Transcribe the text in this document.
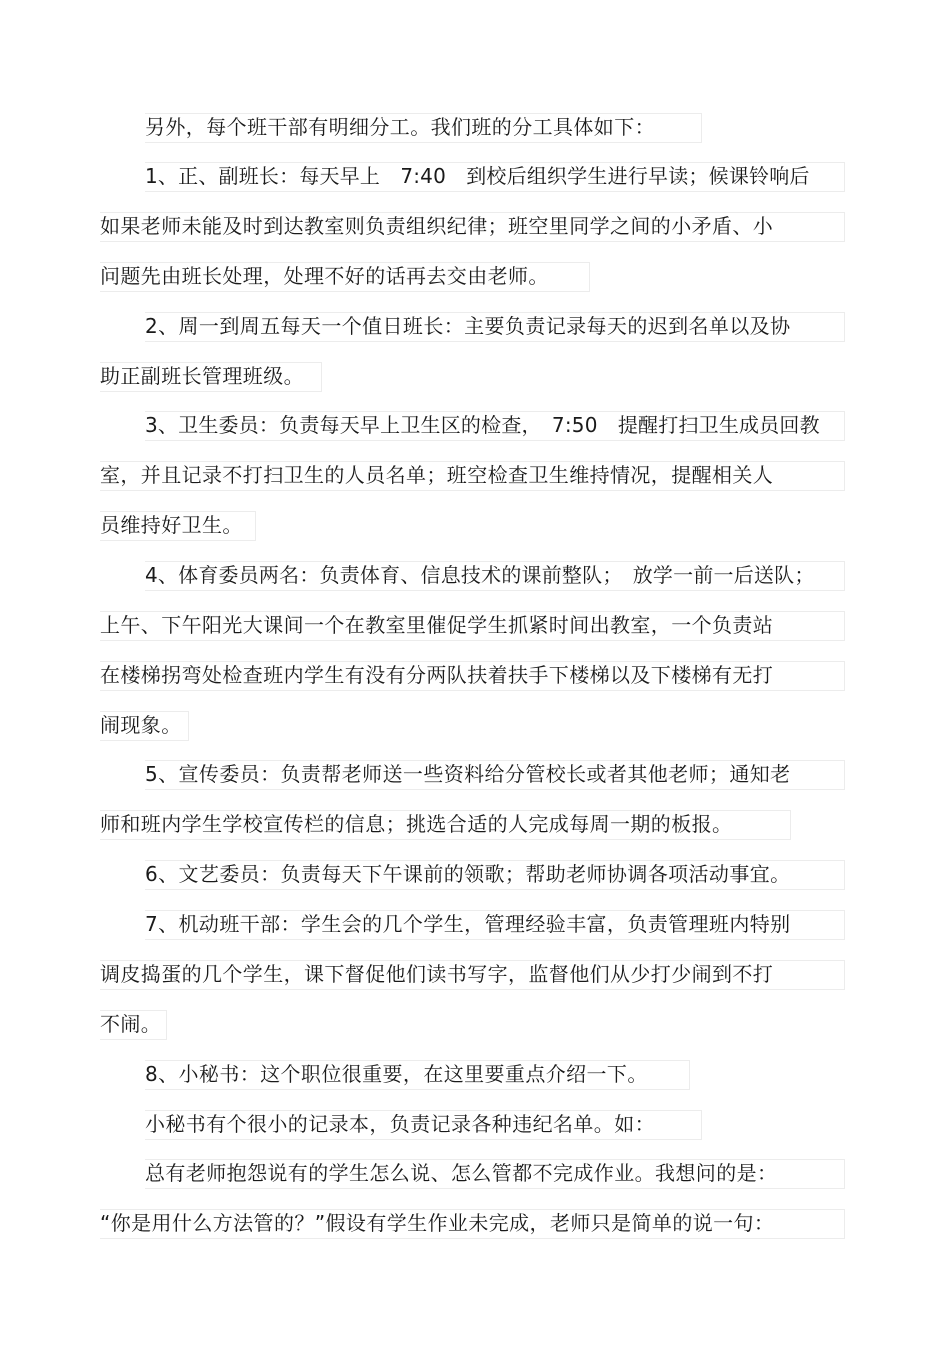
另外，每个班干部有明细分工。我们班的分工具体如下：
1、正、副班长：每天早上　7:40　到校后组织学生进行早读；候课铃响后
如果老师未能及时到达教室则负责组织纪律；班空里同学之间的小矛盾、小
问题先由班长处理，处理不好的话再去交由老师。
2、周一到周五每天一个值日班长：主要负责记录每天的迟到名单以及协
助正副班长管理班级。
3、卫生委员：负责每天早上卫生区的检查，　7:50　提醒打扫卫生成员回教
室，并且记录不打扫卫生的人员名单；班空检查卫生维持情况，提醒相关人
员维持好卫生。
4、体育委员两名：负责体育、信息技术的课前整队；　放学一前一后送队；
上午、下午阳光大课间一个在教室里催促学生抓紧时间出教室，一个负责站
在楼梯拐弯处检查班内学生有没有分两队扶着扶手下楼梯以及下楼梯有无打
闹现象。
5、宣传委员：负责帮老师送一些资料给分管校长或者其他老师；通知老
师和班内学生学校宣传栏的信息；挑选合适的人完成每周一期的板报。
6、文艺委员：负责每天下午课前的领歌；帮助老师协调各项活动事宜。
7、机动班干部：学生会的几个学生，管理经验丰富，负责管理班内特别
调皮捣蛋的几个学生，课下督促他们读书写字，监督他们从少打少闹到不打
不闹。
8、小秘书：这个职位很重要，在这里要重点介绍一下。
小秘书有个很小的记录本，负责记录各种违纪名单。如：
总有老师抱怨说有的学生怎么说、怎么管都不完成作业。我想问的是：
“你是用什么方法管的？”假设有学生作业未完成，老师只是简单的说一句：
